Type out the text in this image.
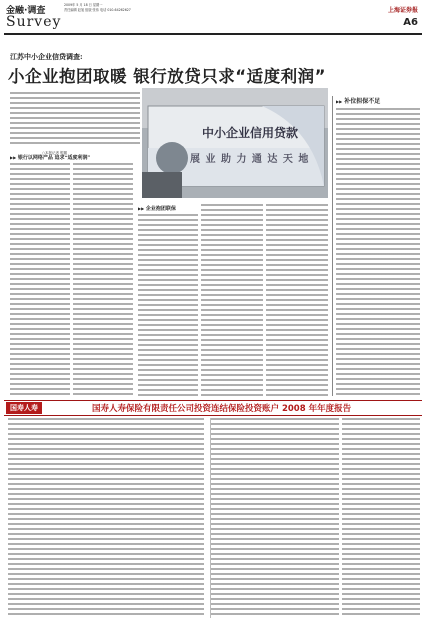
金融·调查
Survey
2009年 5 月 18 日 星期一
责任编辑 赵旭 组版 张伟 电话 010-64262627	上海证券报
A6
江苏中小企业信贷调查:
小企业抱团取暖 银行放贷只求“适度利润”
中小企业信用贷款
展 业 助 力 通 达 天 地
▶▶ 补位担保不足
○本报记者 银徽
▶▶ 银行以网络产品 追求“适度利润”
▶▶ 企业抱团联保
国寿人寿	国寿人寿保险有限责任公司投资连结保险投资账户 2008 年年度报告
